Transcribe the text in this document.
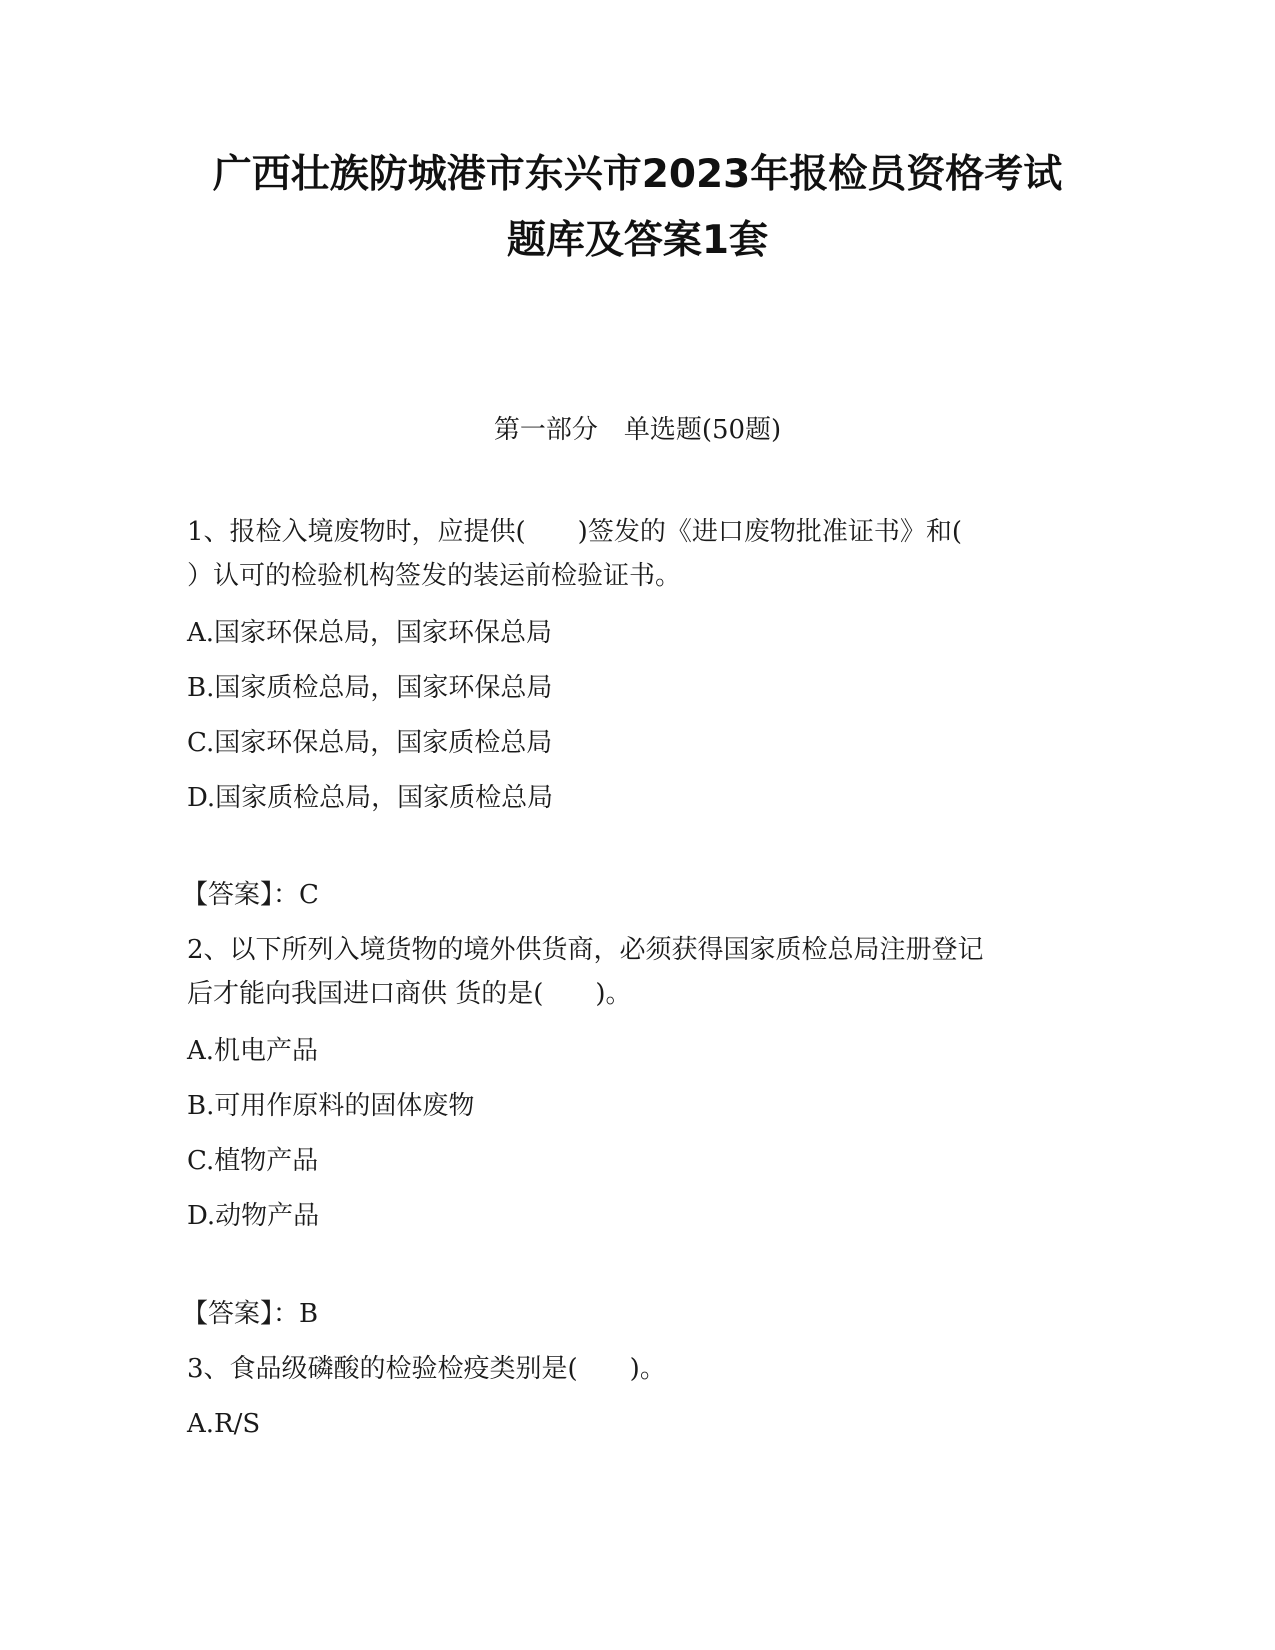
广西壮族防城港市东兴市2023年报检员资格考试
题库及答案1套
第一部分　单选题(50题)
1、报检入境废物时，应提供(　　)签发的《进口废物批准证书》和(
）认可的检验机构签发的装运前检验证书。
A.国家环保总局，国家环保总局
B.国家质检总局，国家环保总局
C.国家环保总局，国家质检总局
D.国家质检总局，国家质检总局
【答案】：C
2、以下所列入境货物的境外供货商，必须获得国家质检总局注册登记
后才能向我国进口商供 货的是(　　)。
A.机电产品
B.可用作原料的固体废物
C.植物产品
D.动物产品
【答案】：B
3、食品级磷酸的检验检疫类别是(　　)。
A.R/S
